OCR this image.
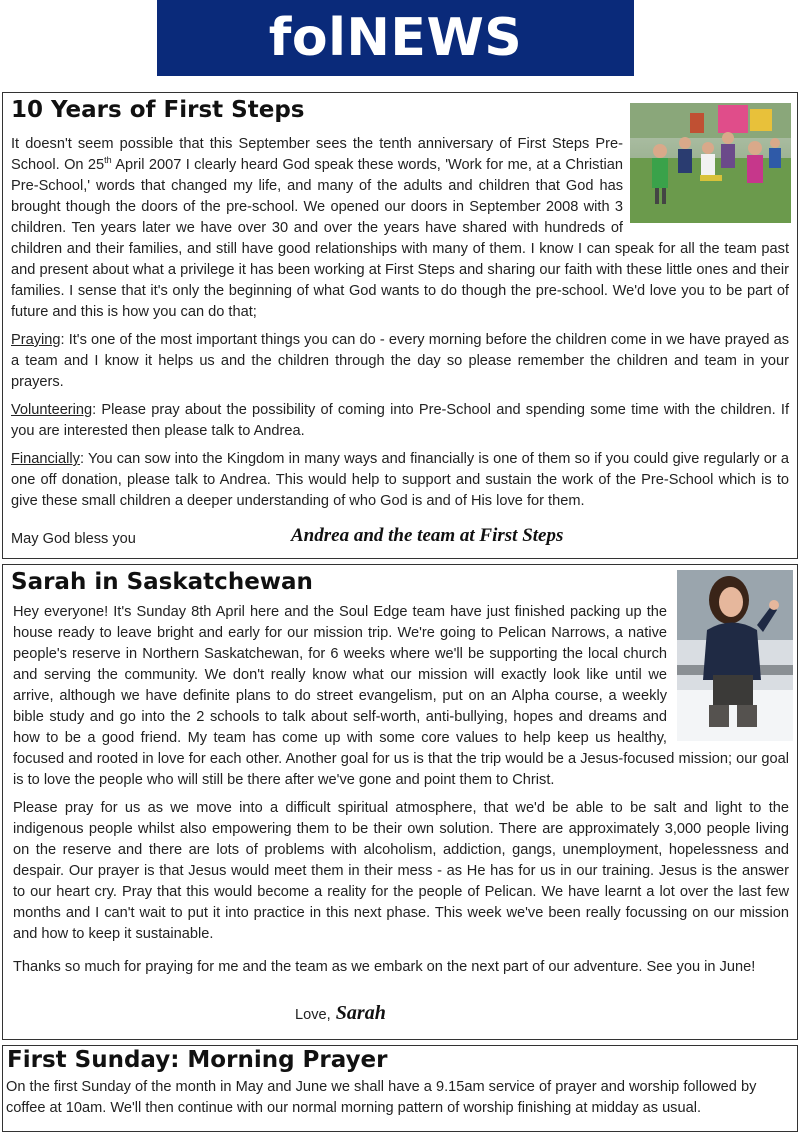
folNEWS
10 Years of First Steps

It doesn't seem possible that this September sees the tenth anniversary of First Steps Pre-School. On 25th April 2007 I clearly heard God speak these words, 'Work for me, at a Christian Pre-School,' words that changed my life, and many of the adults and children that God has brought though the doors of the pre-school. We opened our doors in September 2008 with 3 children. Ten years later we have over 30 and over the years have shared with hundreds of children and their families, and still have good relationships with many of them. I know I can speak for all the team past and present about what a privilege it has been working at First Steps and sharing our faith with these little ones and their families. I sense that it's only the beginning of what God wants to do though the pre-school. We'd love you to be part of future and this is how you can do that;

Praying: It's one of the most important things you can do - every morning before the children come in we have prayed as a team and I know it helps us and the children through the day so please remember the children and team in your prayers.

Volunteering: Please pray about the possibility of coming into Pre-School and spending some time with the children. If you are interested then please talk to Andrea.

Financially: You can sow into the Kingdom in many ways and financially is one of them so if you could give regularly or a one off donation, please talk to Andrea. This would help to support and sustain the work of the Pre-School which is to give these small children a deeper understanding of who God is and of His love for them.

May God bless you	Andrea and the team at First Steps
Sarah in Saskatchewan

Hey everyone! It's Sunday 8th April here and the Soul Edge team have just finished packing up the house ready to leave bright and early for our mission trip. We're going to Pelican Narrows, a native people's reserve in Northern Saskatchewan, for 6 weeks where we'll be supporting the local church and serving the community. We don't really know what our mission will exactly look like until we arrive, although we have definite plans to do street evangelism, put on an Alpha course, a weekly bible study and go into the 2 schools to talk about self-worth, anti-bullying, hopes and dreams and how to be a good friend. My team has come up with some core values to help keep us healthy, focused and rooted in love for each other. Another goal for us is that the trip would be a Jesus-focused mission; our goal is to love the people who will still be there after we've gone and point them to Christ.

Please pray for us as we move into a difficult spiritual atmosphere, that we'd be able to be salt and light to the indigenous people whilst also empowering them to be their own solution. There are approximately 3,000 people living on the reserve and there are lots of problems with alcoholism, addiction, gangs, unemployment, hopelessness and despair. Our prayer is that Jesus would meet them in their mess - as He has for us in our training. Jesus is the answer to our heart cry. Pray that this would become a reality for the people of Pelican. We have learnt a lot over the last few months and I can't wait to put it into practice in this next phase. This week we've been really focussing on our mission and how to keep it sustainable.

Thanks so much for praying for me and the team as we embark on the next part of our adventure. See you in June!

Love, Sarah
First Sunday: Morning Prayer
On the first Sunday of the month in May and June we shall have a 9.15am service of prayer and worship followed by coffee at 10am. We'll then continue with our normal morning pattern of worship finishing at midday as usual.
